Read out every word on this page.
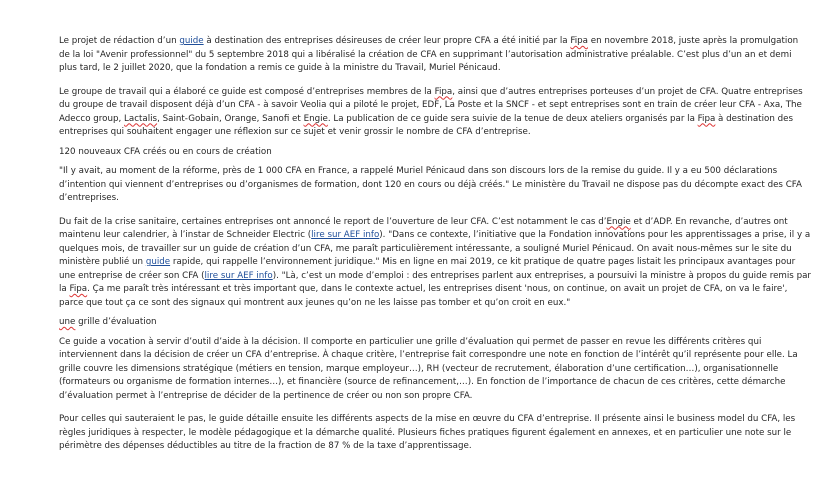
Le projet de rédaction d’un guide à destination des entreprises désireuses de créer leur propre CFA a été initié par la Fipa en novembre 2018, juste après la promulgation de la loi "Avenir professionnel" du 5 septembre 2018 qui a libéralisé la création de CFA en supprimant l’autorisation administrative préalable. C’est plus d’un an et demi plus tard, le 2 juillet 2020, que la fondation a remis ce guide à la ministre du Travail, Muriel Pénicaud.

Le groupe de travail qui a élaboré ce guide est composé d’entreprises membres de la Fipa, ainsi que d’autres entreprises porteuses d’un projet de CFA. Quatre entreprises du groupe de travail disposent déjà d’un CFA - à savoir Veolia qui a piloté le projet, EDF, La Poste et la SNCF - et sept entreprises sont en train de créer leur CFA - Axa, The Adecco group, Lactalis, Saint-Gobain, Orange, Sanofi et Engie. La publication de ce guide sera suivie de la tenue de deux ateliers organisés par la Fipa à destination des entreprises qui souhaitent engager une réflexion sur ce sujet et venir grossir le nombre de CFA d’entreprise.

120 nouveaux CFA créés ou en cours de création

"Il y avait, au moment de la réforme, près de 1 000 CFA en France, a rappelé Muriel Pénicaud dans son discours lors de la remise du guide. Il y a eu 500 déclarations d’intention qui viennent d’entreprises ou d’organismes de formation, dont 120 en cours ou déjà créés." Le ministère du Travail ne dispose pas du décompte exact des CFA d’entreprises.

Du fait de la crise sanitaire, certaines entreprises ont annoncé le report de l’ouverture de leur CFA. C’est notamment le cas d’Engie et d’ADP. En revanche, d’autres ont maintenu leur calendrier, à l’instar de Schneider Electric (lire sur AEF info). "Dans ce contexte, l’initiative que la Fondation innovations pour les apprentissages a prise, il y a quelques mois, de travailler sur un guide de création d’un CFA, me paraît particulièrement intéressante, a souligné Muriel Pénicaud. On avait nous-mêmes sur le site du ministère publié un guide rapide, qui rappelle l’environnement juridique." Mis en ligne en mai 2019, ce kit pratique de quatre pages listait les principaux avantages pour une entreprise de créer son CFA (lire sur AEF info). "Là, c’est un mode d’emploi : des entreprises parlent aux entreprises, a poursuivi la ministre à propos du guide remis par la Fipa. Ça me paraît très intéressant et très important que, dans le contexte actuel, les entreprises disent 'nous, on continue, on avait un projet de CFA, on va le faire', parce que tout ça ce sont des signaux qui montrent aux jeunes qu’on ne les laisse pas tomber et qu’on croit en eux."

une grille d’évaluation

Ce guide a vocation à servir d’outil d’aide à la décision. Il comporte en particulier une grille d’évaluation qui permet de passer en revue les différents critères qui interviennent dans la décision de créer un CFA d’entreprise. À chaque critère, l’entreprise fait correspondre une note en fonction de l’intérêt qu’il représente pour elle. La grille couvre les dimensions stratégique (métiers en tension, marque employeur…), RH (vecteur de recrutement, élaboration d’une certification…), organisationnelle (formateurs ou organisme de formation internes…), et financière (source de refinancement,…). En fonction de l’importance de chacun de ces critères, cette démarche d’évaluation permet à l’entreprise de décider de la pertinence de créer ou non son propre CFA.

Pour celles qui sauteraient le pas, le guide détaille ensuite les différents aspects de la mise en œuvre du CFA d’entreprise. Il présente ainsi le business model du CFA, les règles juridiques à respecter, le modèle pédagogique et la démarche qualité. Plusieurs fiches pratiques figurent également en annexes, et en particulier une note sur le périmètre des dépenses déductibles au titre de la fraction de 87 % de la taxe d’apprentissage.
